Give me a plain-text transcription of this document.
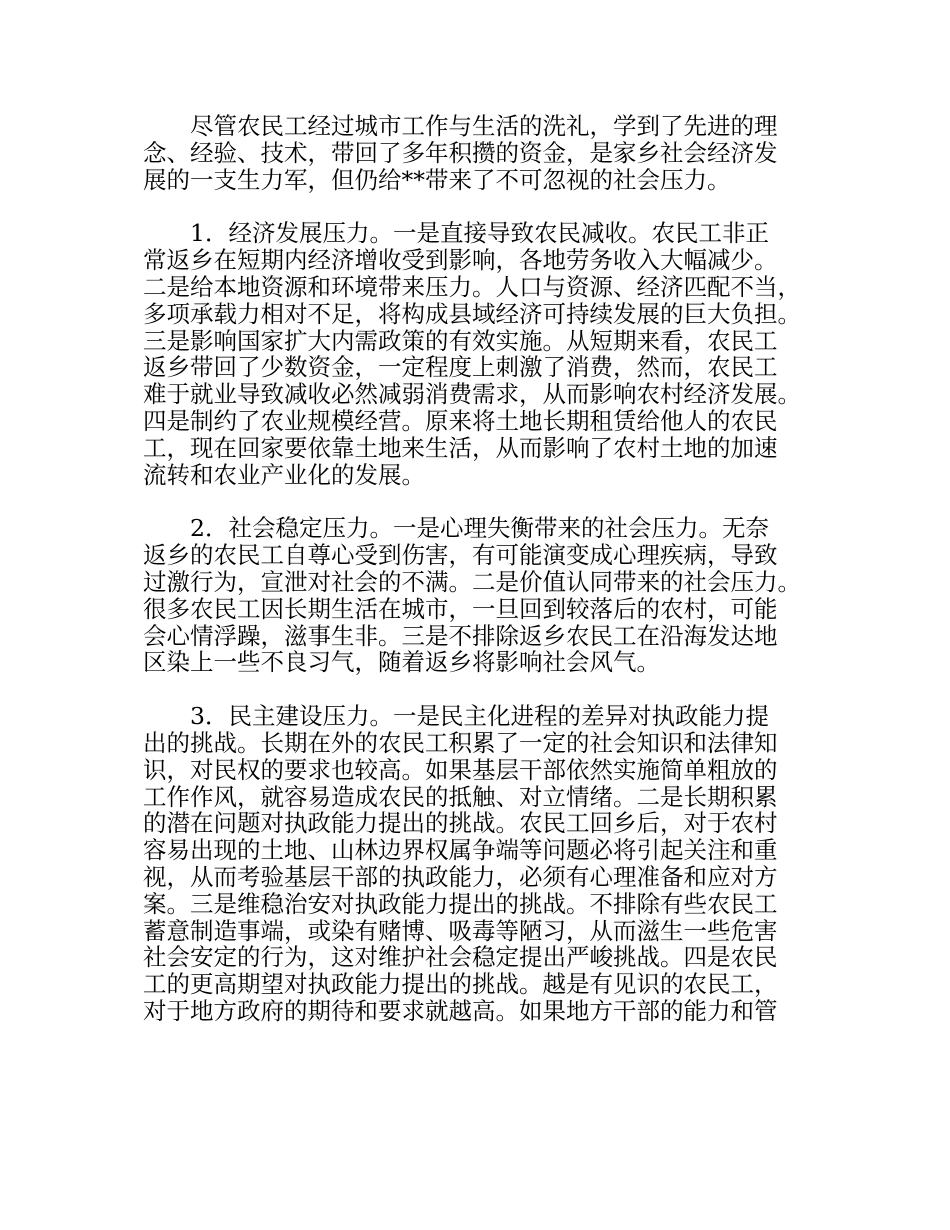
尽管农民工经过城市工作与生活的洗礼，学到了先进的理
念、经验、技术，带回了多年积攒的资金，是家乡社会经济发
展的一支生力军，但仍给**带来了不可忽视的社会压力。

1．经济发展压力。一是直接导致农民减收。农民工非正
常返乡在短期内经济增收受到影响，各地劳务收入大幅减少。
二是给本地资源和环境带来压力。人口与资源、经济匹配不当，
多项承载力相对不足，将构成县域经济可持续发展的巨大负担。
三是影响国家扩大内需政策的有效实施。从短期来看，农民工
返乡带回了少数资金，一定程度上刺激了消费，然而，农民工
难于就业导致减收必然减弱消费需求，从而影响农村经济发展。
四是制约了农业规模经营。原来将土地长期租赁给他人的农民
工，现在回家要依靠土地来生活，从而影响了农村土地的加速
流转和农业产业化的发展。

2．社会稳定压力。一是心理失衡带来的社会压力。无奈
返乡的农民工自尊心受到伤害，有可能演变成心理疾病，导致
过激行为，宣泄对社会的不满。二是价值认同带来的社会压力。
很多农民工因长期生活在城市，一旦回到较落后的农村，可能
会心情浮躁，滋事生非。三是不排除返乡农民工在沿海发达地
区染上一些不良习气，随着返乡将影响社会风气。

3．民主建设压力。一是民主化进程的差异对执政能力提
出的挑战。长期在外的农民工积累了一定的社会知识和法律知
识，对民权的要求也较高。如果基层干部依然实施简单粗放的
工作作风，就容易造成农民的抵触、对立情绪。二是长期积累
的潜在问题对执政能力提出的挑战。农民工回乡后，对于农村
容易出现的土地、山林边界权属争端等问题必将引起关注和重
视，从而考验基层干部的执政能力，必须有心理准备和应对方
案。三是维稳治安对执政能力提出的挑战。不排除有些农民工
蓄意制造事端，或染有赌博、吸毒等陋习，从而滋生一些危害
社会安定的行为，这对维护社会稳定提出严峻挑战。四是农民
工的更高期望对执政能力提出的挑战。越是有见识的农民工，
对于地方政府的期待和要求就越高。如果地方干部的能力和管
